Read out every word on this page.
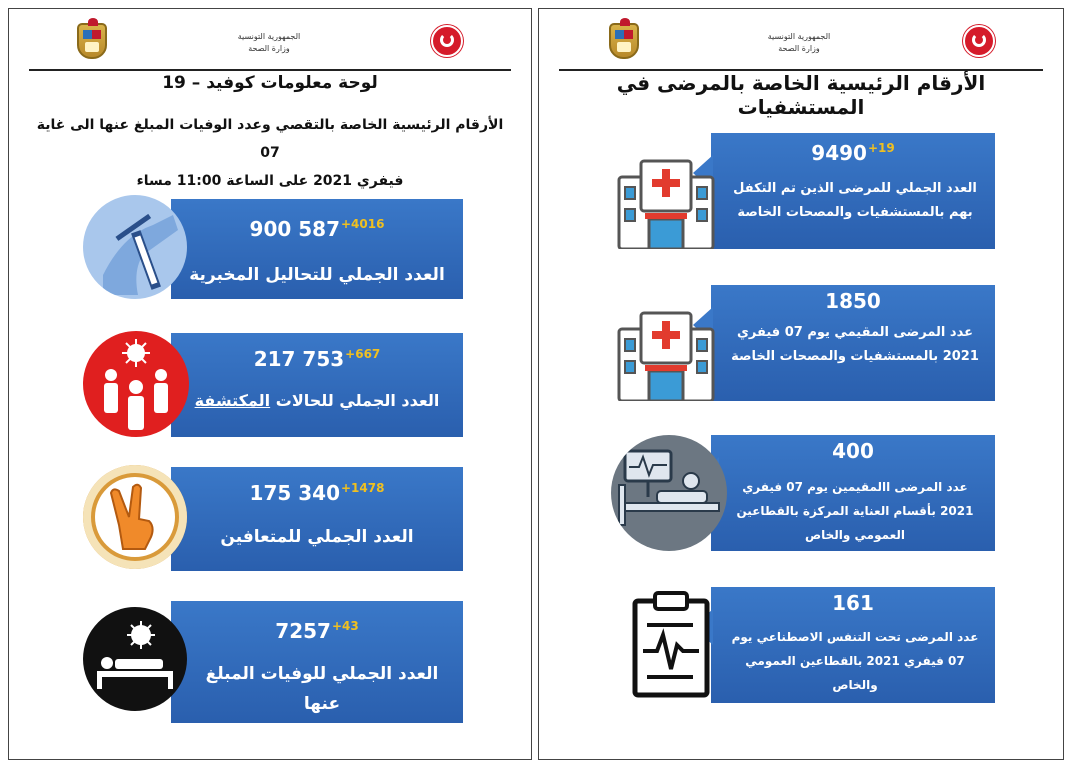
الجمهورية التونسية
وزارة الصحة
لوحة معلومات كوفيد – 19
الأرقام الرئيسية الخاصة بالتقصي وعدد الوفيات المبلغ عنها الى غاية 07
فيفري 2021 على الساعة 11:00 مساء
900 $587^{+4016}$
العدد الجملي للتحاليل المخبرية
217 $753^{+667}$
العدد الجملي للحالات المكتشفة
175 $340^{+1478}$
العدد الجملي للمتعافين
$7257^{+43}$
العدد الجملي للوفيات المبلغ عنها
الجمهورية التونسية
وزارة الصحة
الأرقام الرئيسية الخاصة بالمرضى في المستشفيات
$9490^{+19}$
العدد الجملي للمرضى الذين تم التكفل بهم بالمستشفيات والمصحات الخاصة
1850
عدد المرضى المقيمي يوم 07 فيفري 2021 بالمستشفيات والمصحات الخاصة
400
عدد المرضى االمقيمين يوم 07 فيفري 2021 بأقسام العناية المركزة بالقطاعين العمومي والخاص
161
عدد المرضى تحت التنفس الاصطناعي يوم 07 فيفري 2021 بالقطاعين العمومي والخاص
